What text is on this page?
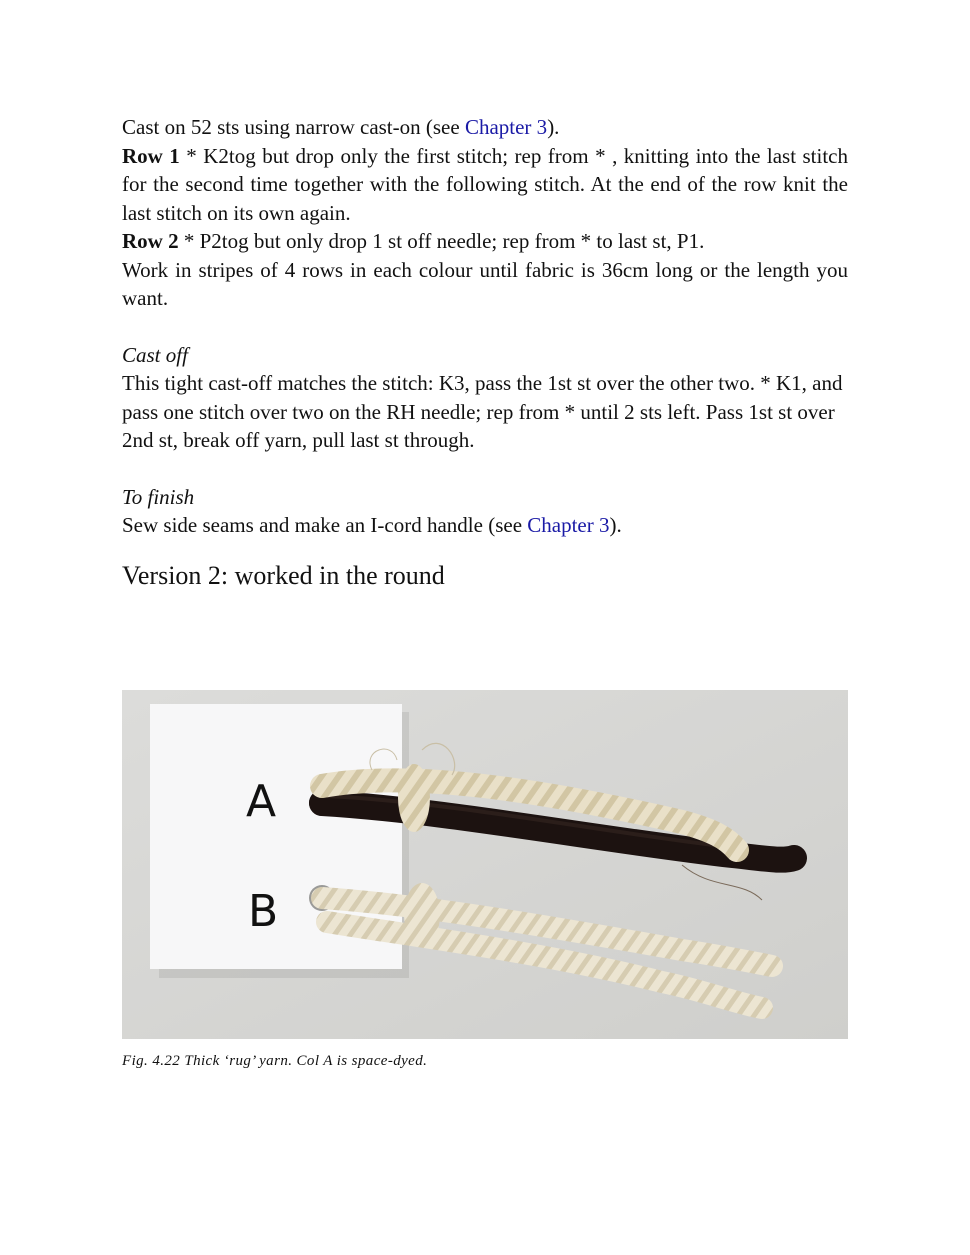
Cast on 52 sts using narrow cast-on (see Chapter 3).

Row 1 * K2tog but drop only the first stitch; rep from * , knitting into the last stitch for the second time together with the following stitch. At the end of the row knit the last stitch on its own again.

Row 2 * P2tog but only drop 1 st off needle; rep from * to last st, P1.

Work in stripes of 4 rows in each colour until fabric is 36cm long or the length you want.

Cast off

This tight cast-off matches the stitch: K3, pass the 1st st over the other two. * K1, and pass one stitch over two on the RH needle; rep from * until 2 sts left. Pass 1st st over 2nd st, break off yarn, pull last st through.

To finish

Sew side seams and make an I-cord handle (see Chapter 3).

Version 2: worked in the round
A
B
Fig. 4.22 Thick ‘rug’ yarn. Col A is space-dyed.
